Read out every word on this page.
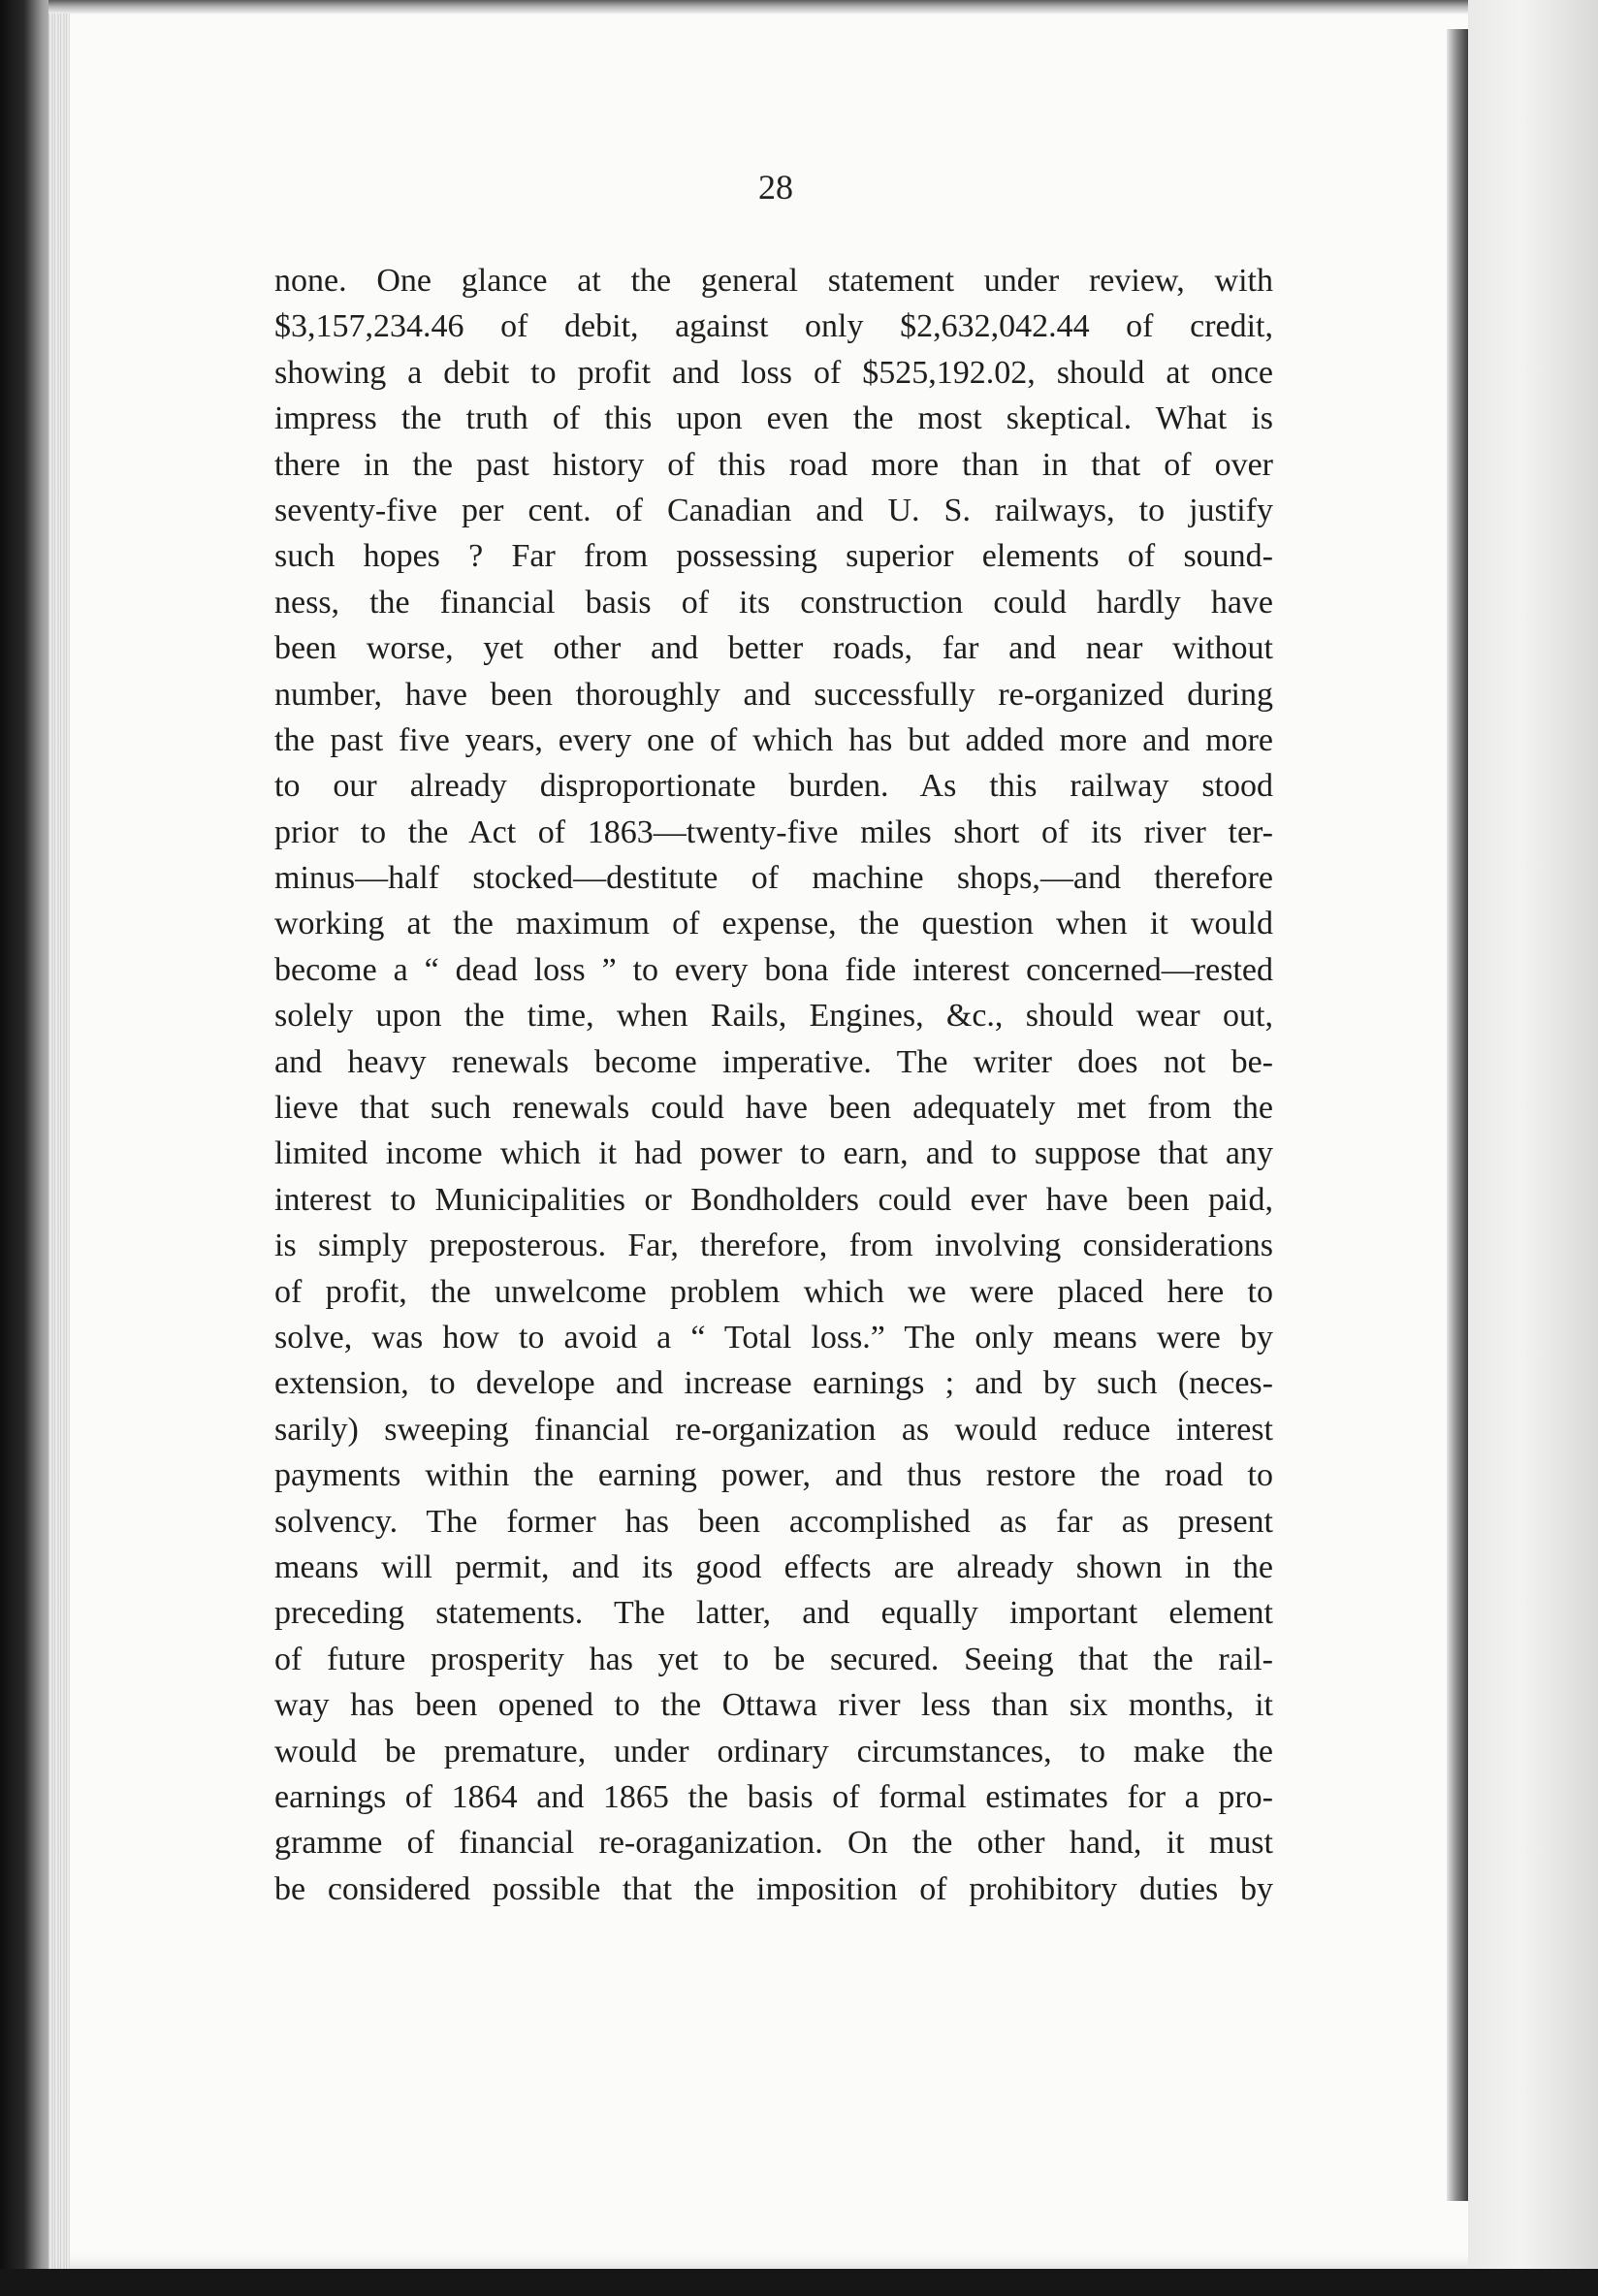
28
none. One glance at the general statement under review, with
$3,157,234.46 of debit, against only $2,632,042.44 of credit,
showing a debit to profit and loss of $525,192.02, should at once
impress the truth of this upon even the most skeptical. What is
there in the past history of this road more than in that of over
seventy-five per cent. of Canadian and U. S. railways, to justify
such hopes ? Far from possessing superior elements of sound-
ness, the financial basis of its construction could hardly have
been worse, yet other and better roads, far and near without
number, have been thoroughly and successfully re-organized during
the past five years, every one of which has but added more and more
to our already disproportionate burden. As this railway stood
prior to the Act of 1863—twenty-five miles short of its river ter-
minus—half stocked—destitute of machine shops,—and therefore
working at the maximum of expense, the question when it would
become a “ dead loss ” to every bona fide interest concerned—rested
solely upon the time, when Rails, Engines, &c., should wear out,
and heavy renewals become imperative. The writer does not be-
lieve that such renewals could have been adequately met from the
limited income which it had power to earn, and to suppose that any
interest to Municipalities or Bondholders could ever have been paid,
is simply preposterous. Far, therefore, from involving considerations
of profit, the unwelcome problem which we were placed here to
solve, was how to avoid a “ Total loss.” The only means were by
extension, to develope and increase earnings ; and by such (neces-
sarily) sweeping financial re-organization as would reduce interest
payments within the earning power, and thus restore the road to
solvency. The former has been accomplished as far as present
means will permit, and its good effects are already shown in the
preceding statements. The latter, and equally important element
of future prosperity has yet to be secured. Seeing that the rail-
way has been opened to the Ottawa river less than six months, it
would be premature, under ordinary circumstances, to make the
earnings of 1864 and 1865 the basis of formal estimates for a pro-
gramme of financial re-oraganization. On the other hand, it must
be considered possible that the imposition of prohibitory duties by
